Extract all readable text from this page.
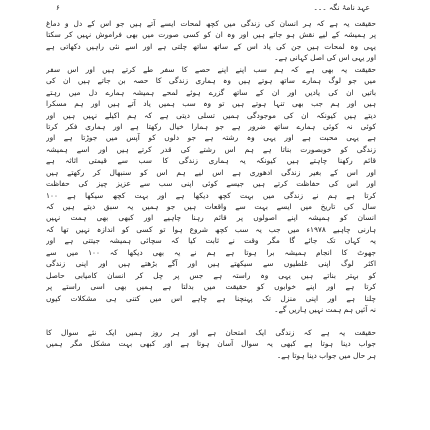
۶	عہد نامۂ نگہ ۔۔۔
حقیقت یہ ہے کہ ہر انسان کی زندگی میں کچھ لمحات ایسے آتے ہیں جو اس کے دل و دماغ
پر ہمیشہ کے لیے نقش ہو جاتے ہیں اور وہ ان کو کسی صورت میں بھی فراموش نہیں کر سکتا
یہی وہ لمحات ہیں جن کی یاد اس کے ساتھ ساتھ چلتی ہے اور اسے نئی راہیں دکھاتی ہے
اور یہی اس کی اصل کہانی ہے۔
حقیقت یہ بھی ہے کہ ہم سب اپنے اپنے حصے کا سفر طے کرتے ہیں اور اس سفر
میں جو لوگ ہمارے ساتھ ہوتے ہیں وہ ہماری زندگی کا حصہ بن جاتے ہیں ان کی
باتیں ان کی یادیں اور ان کے ساتھ گزرے ہوئے لمحے ہمیشہ ہمارے دل میں رہتے
ہیں اور ہم جب بھی تنہا ہوتے ہیں تو وہ سب ہمیں یاد آتے ہیں اور ہم مسکرا
دیتے ہیں کیونکہ ان کی موجودگی ہمیں تسلی دیتی ہے کہ ہم اکیلے نہیں ہیں اور
کوئی نہ کوئی ہمارے ساتھ ضرور ہے جو ہمارا خیال رکھتا ہے اور ہماری فکر کرتا
ہے یہی محبت ہے اور یہی وہ رشتہ ہے جو دلوں کو آپس میں جوڑتا ہے اور
زندگی کو خوبصورت بناتا ہے ہم اس رشتے کی قدر کرتے ہیں اور اسے ہمیشہ
قائم رکھنا چاہتے ہیں کیونکہ یہ ہماری زندگی کا سب سے قیمتی اثاثہ ہے
اور اس کے بغیر زندگی ادھوری ہے اس لیے ہم اس کو سنبھال کر رکھتے ہیں
اور اس کی حفاظت کرتے ہیں جیسے کوئی اپنی سب سے عزیز چیز کی حفاظت
کرتا ہے ہم نے زندگی میں بہت کچھ دیکھا ہے اور بہت کچھ سیکھا ہے ۱۰۰
سال کی تاریخ میں ایسے بہت سے واقعات ہیں جو ہمیں یہ سبق دیتے ہیں کہ
انسان کو ہمیشہ اپنے اصولوں پر قائم رہنا چاہیے اور کبھی بھی ہمت نہیں
ہارنی چاہیے ۱۹۷۸ء میں جب یہ سب کچھ شروع ہوا تو کسی کو اندازہ نہیں تھا کہ
یہ کہاں تک جائے گا مگر وقت نے ثابت کیا کہ سچائی ہمیشہ جیتتی ہے اور
جھوٹ کا انجام ہمیشہ برا ہوتا ہے ہم نے یہ بھی دیکھا کہ ۱۰۰ میں سے
اکثر لوگ اپنی غلطیوں سے سیکھتے ہیں اور آگے بڑھتے ہیں اور اپنی زندگی
کو بہتر بناتے ہیں یہی وہ راستہ ہے جس پر چل کر انسان کامیابی حاصل
کرتا ہے اور اپنے خوابوں کو حقیقت میں بدلتا ہے ہمیں بھی اسی راستے پر
چلنا ہے اور اپنی منزل تک پہنچنا ہے چاہے اس میں کتنی ہی مشکلات کیوں
نہ آئیں ہم ہمت نہیں ہاریں گے۔
حقیقت یہ ہے کہ زندگی ایک امتحان ہے اور ہر روز ہمیں ایک نئے سوال کا
جواب دینا ہوتا ہے کبھی یہ سوال آسان ہوتا ہے اور کبھی بہت مشکل مگر ہمیں
ہر حال میں جواب دینا ہوتا ہے۔
